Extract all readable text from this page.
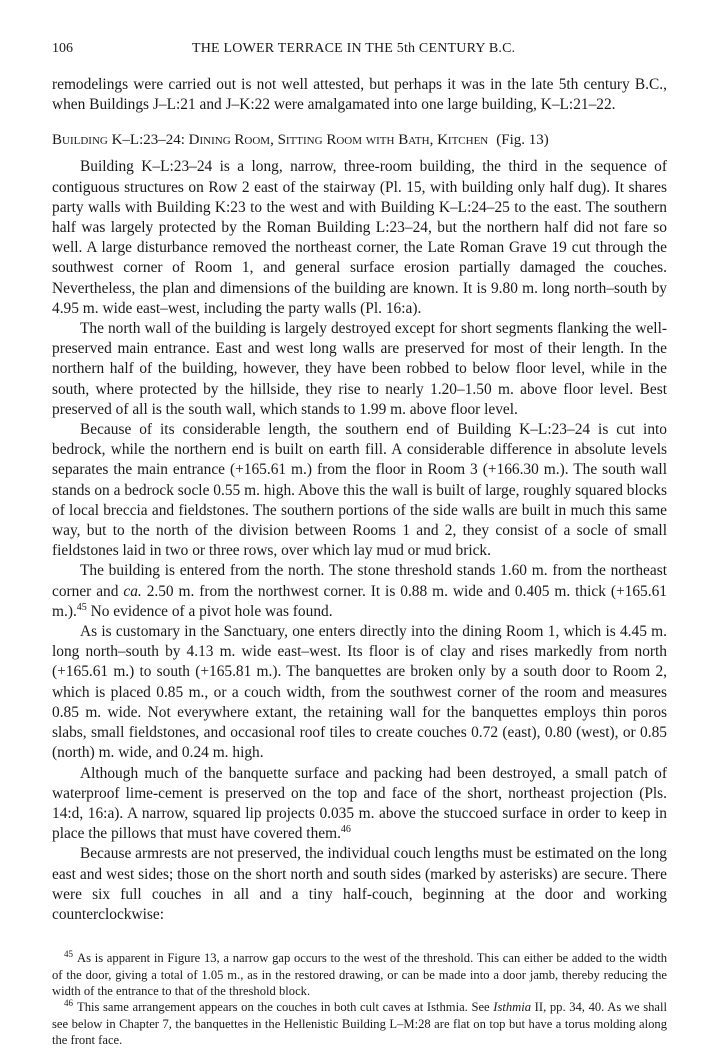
106	THE LOWER TERRACE IN THE 5th CENTURY B.C.

remodelings were carried out is not well attested, but perhaps it was in the late 5th century B.C., when Buildings J–L:21 and J–K:22 were amalgamated into one large building, K–L:21–22.

Building K–L:23–24: Dining Room, Sitting Room with Bath, Kitchen (Fig. 13)

Building K–L:23–24 is a long, narrow, three-room building, the third in the sequence of contiguous structures on Row 2 east of the stairway (Pl. 15, with building only half dug). It shares party walls with Building K:23 to the west and with Building K–L:24–25 to the east. The southern half was largely protected by the Roman Building L:23–24, but the northern half did not fare so well. A large disturbance removed the northeast corner, the Late Roman Grave 19 cut through the southwest corner of Room 1, and general surface erosion partially damaged the couches. Nevertheless, the plan and dimensions of the building are known. It is 9.80 m. long north–south by 4.95 m. wide east–west, including the party walls (Pl. 16:a).

The north wall of the building is largely destroyed except for short segments flanking the well-preserved main entrance. East and west long walls are preserved for most of their length. In the northern half of the building, however, they have been robbed to below floor level, while in the south, where protected by the hillside, they rise to nearly 1.20–1.50 m. above floor level. Best preserved of all is the south wall, which stands to 1.99 m. above floor level.

Because of its considerable length, the southern end of Building K–L:23–24 is cut into bedrock, while the northern end is built on earth fill. A considerable difference in absolute levels separates the main entrance (+165.61 m.) from the floor in Room 3 (+166.30 m.). The south wall stands on a bedrock socle 0.55 m. high. Above this the wall is built of large, roughly squared blocks of local breccia and fieldstones. The southern portions of the side walls are built in much this same way, but to the north of the division between Rooms 1 and 2, they consist of a socle of small fieldstones laid in two or three rows, over which lay mud or mud brick.

The building is entered from the north. The stone threshold stands 1.60 m. from the northeast corner and ca. 2.50 m. from the northwest corner. It is 0.88 m. wide and 0.405 m. thick (+165.61 m.).$^{45}$ No evidence of a pivot hole was found.

As is customary in the Sanctuary, one enters directly into the dining Room 1, which is 4.45 m. long north–south by 4.13 m. wide east–west. Its floor is of clay and rises markedly from north (+165.61 m.) to south (+165.81 m.). The banquettes are broken only by a south door to Room 2, which is placed 0.85 m., or a couch width, from the southwest corner of the room and measures 0.85 m. wide. Not everywhere extant, the retaining wall for the banquettes employs thin poros slabs, small fieldstones, and occasional roof tiles to create couches 0.72 (east), 0.80 (west), or 0.85 (north) m. wide, and 0.24 m. high.

Although much of the banquette surface and packing had been destroyed, a small patch of waterproof lime-cement is preserved on the top and face of the short, northeast projection (Pls. 14:d, 16:a). A narrow, squared lip projects 0.035 m. above the stuccoed surface in order to keep in place the pillows that must have covered them.$^{46}$

Because armrests are not preserved, the individual couch lengths must be estimated on the long east and west sides; those on the short north and south sides (marked by asterisks) are secure. There were six full couches in all and a tiny half-couch, beginning at the door and working counterclockwise:

$^{45}$ As is apparent in Figure 13, a narrow gap occurs to the west of the threshold. This can either be added to the width of the door, giving a total of 1.05 m., as in the restored drawing, or can be made into a door jamb, thereby reducing the width of the entrance to that of the threshold block.

$^{46}$ This same arrangement appears on the couches in both cult caves at Isthmia. See Isthmia II, pp. 34, 40. As we shall see below in Chapter 7, the banquettes in the Hellenistic Building L–M:28 are flat on top but have a torus molding along the front face.
